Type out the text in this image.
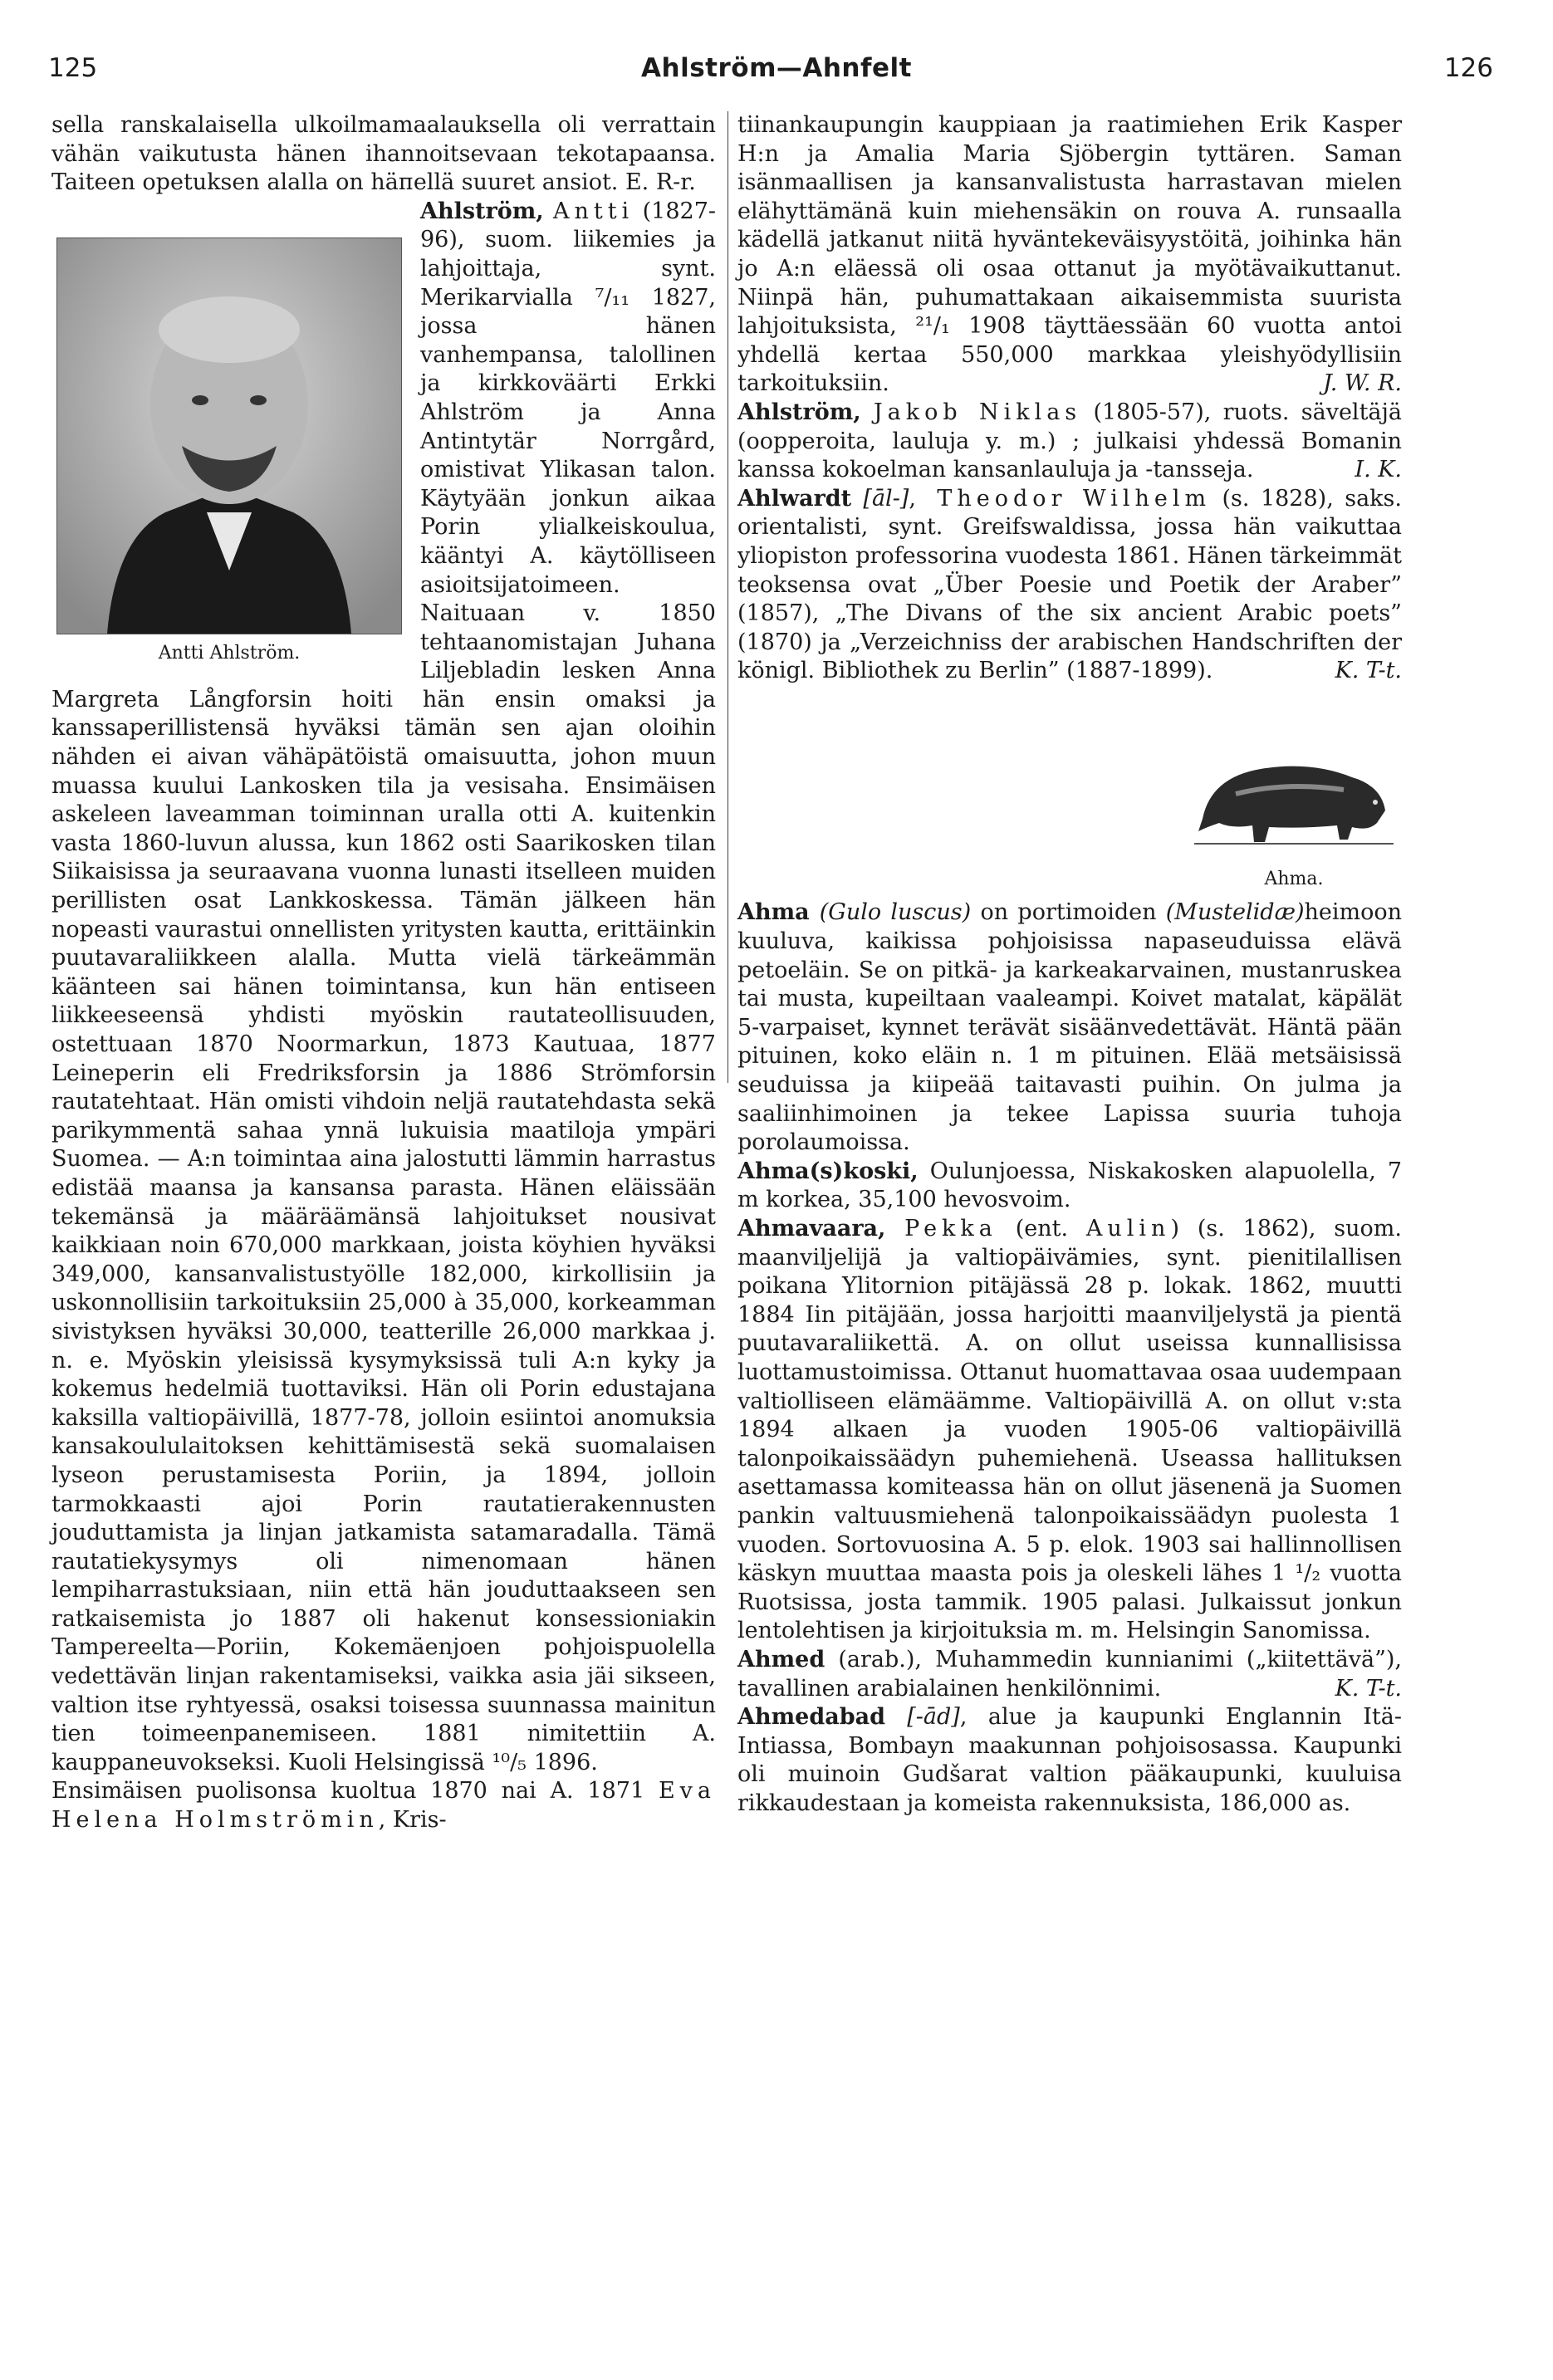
125	Ahlström—Ahnfelt	126

sella ranskalaisella ulkoilmamaalauksella oli verrattain vähän vaikutusta hänen ihannoitsevaan tekotapaansa. Taiteen opetuksen alalla on häпellä suuret ansiot. E. R-r.

Antti Ahlström.

Ahlström, Antti (1827-96), suom. liikemies ja lahjoittaja, synt. Merikarvialla ⁷/₁₁ 1827, jossa hänen vanhempansa, talollinen ja kirkkoväärti Erkki Ahlström ja Anna Antintytär Norrgård, omistivat Ylikasan talon. Käytyään jonkun aikaa Porin ylialkeiskoulua, kääntyi A. käytölliseen asioitsijatoimeen. Naituaan v. 1850 tehtaanomistajan Juhana Liljebladin lesken Anna Margreta Långforsin hoiti hän ensin omaksi ja kanssaperillistensä hyväksi tämän sen ajan oloihin nähden ei aivan vähäpätöistä omaisuutta, johon muun muassa kuului Lankosken tila ja vesisaha. Ensimäisen askeleen laveamman toiminnan uralla otti A. kuitenkin vasta 1860-luvun alussa, kun 1862 osti Saarikosken tilan Siikaisissa ja seuraavana vuonna lunasti itselleen muiden perillisten osat Lankkoskessa. Tämän jälkeen hän nopeasti vaurastui onnellisten yritysten kautta, erittäinkin puutavaraliikkeen alalla. Mutta vielä tärkeämmän käänteen sai hänen toimintansa, kun hän entiseen liikkeeseensä yhdisti myöskin rautateollisuuden, ostettuaan 1870 Noormarkun, 1873 Kautuaa, 1877 Leineperin eli Fredriksforsin ja 1886 Strömforsin rautatehtaat. Hän omisti vihdoin neljä rautatehdasta sekä parikymmentä sahaa ynnä lukuisia maatiloja ympäri Suomea. — A:n toimintaa aina jalostutti lämmin harrastus edistää maansa ja kansansa parasta. Hänen eläissään tekemänsä ja määräämänsä lahjoitukset nousivat kaikkiaan noin 670,000 markkaan, joista köyhien hyväksi 349,000, kansanvalistustyölle 182,000, kirkollisiin ja uskonnollisiin tarkoituksiin 25,000 à 35,000, korkeamman sivistyksen hyväksi 30,000, teatterille 26,000 markkaa j. n. e. Myöskin yleisissä kysymyksissä tuli A:n kyky ja kokemus hedelmiä tuottaviksi. Hän oli Porin edustajana kaksilla valtiopäivillä, 1877-78, jolloin esiintoi anomuksia kansakoululaitoksen kehittämisestä sekä suomalaisen lyseon perustamisesta Poriin, ja 1894, jolloin tarmokkaasti ajoi Porin rautatierakennusten jouduttamista ja linjan jatkamista satamaradalla. Tämä rautatiekysymys oli nimenomaan hänen lempiharrastuksiaan, niin että hän jouduttaakseen sen ratkaisemista jo 1887 oli hakenut konsessioniakin Tampereelta—Poriin, Kokemäenjoen pohjoispuolella vedettävän linjan rakentamiseksi, vaikka asia jäi sikseen, valtion itse ryhtyessä, osaksi toisessa suunnassa mainitun tien toimeenpanemiseen. 1881 nimitettiin A. kauppaneuvokseksi. Kuoli Helsingissä ¹⁰/₅ 1896.

Ensimäisen puolisonsa kuoltua 1870 nai A. 1871 Eva Helena Holmströmin, Kris-

tiinankaupungin kauppiaan ja raatimiehen Erik Kasper H:n ja Amalia Maria Sjöbergin tyttären. Saman isänmaallisen ja kansanvalistusta harrastavan mielen elähyttämänä kuin miehensäkin on rouva A. runsaalla kädellä jatkanut niitä hyväntekeväisyystöitä, joihinka hän jo A:n eläessä oli osaa ottanut ja myötävaikuttanut. Niinpä hän, puhumattakaan aikaisemmista suurista lahjoituksista, ²¹/₁ 1908 täyttäessään 60 vuotta antoi yhdellä kertaa 550,000 markkaa yleishyödyllisiin tarkoituksiin.	J. W. R.

Ahlström, Jakob Niklas (1805-57), ruots. säveltäjä (oopperoita, lauluja y. m.) ; julkaisi yhdessä Bomanin kanssa kokoelman kansanlauluja ja -tansseja.	I. K.

Ahlwardt [āl-], Theodor Wilhelm (s. 1828), saks. orientalisti, synt. Greifswaldissa, jossa hän vaikuttaa yliopiston professorina vuodesta 1861. Hänen tärkeimmät teoksensa ovat „Über Poesie und Poetik der Araber” (1857), „The Divans of the six ancient Arabic poets” (1870) ja „Verzeichniss der arabischen Handschriften der königl. Bibliothek zu Berlin” (1887-1899).	K. T-t.

Ahma.

Ahma (Gulo luscus) on portimoiden (Mustelidæ)heimoon kuuluva, kaikissa pohjoisissa napaseuduissa elävä petoeläin. Se on pitkä- ja karkeakarvainen, mustanruskea tai musta, kupeiltaan vaaleampi. Koivet matalat, käpälät 5-varpaiset, kynnet terävät sisäänvedettävät. Häntä pään pituinen, koko eläin n. 1 m pituinen. Elää metsäisissä seuduissa ja kiipeää taitavasti puihin. On julma ja saaliinhimoinen ja tekee Lapissa suuria tuhoja porolaumoissa.

Ahma(s)koski, Oulunjoessa, Niskakosken alapuolella, 7 m korkea, 35,100 hevosvoim.

Ahmavaara, Pekka (ent. Aulin) (s. 1862), suom. maanviljelijä ja valtiopäivämies, synt. pienitilallisen poikana Ylitornion pitäjässä 28 p. lokak. 1862, muutti 1884 Iin pitäjään, jossa harjoitti maanviljelystä ja pientä puutavaraliikettä. A. on ollut useissa kunnallisissa luottamustoimissa. Ottanut huomattavaa osaa uudempaan valtiolliseen elämäämme. Valtiopäivillä A. on ollut v:sta 1894 alkaen ja vuoden 1905-06 valtiopäivillä talonpoikaissäädyn puhemiehenä. Useassa hallituksen asettamassa komiteassa hän on ollut jäsenenä ja Suomen pankin valtuusmiehenä talonpoikaissäädyn puolesta 1 vuoden. Sortovuosina A. 5 p. elok. 1903 sai hallinnollisen käskyn muuttaa maasta pois ja oleskeli lähes 1 ¹/₂ vuotta Ruotsissa, josta tammik. 1905 palasi. Julkaissut jonkun lentolehtisen ja kirjoituksia m. m. Helsingin Sanomissa.

Ahmed (arab.), Muhammedin kunnianimi („kiitettävä”), tavallinen arabialainen henkilönnimi.	K. T-t.

Ahmedabad [-ād], alue ja kaupunki Englannin Itä-Intiassa, Bombayn maakunnan pohjoisosassa. Kaupunki oli muinoin Gudšarat valtion pääkaupunki, kuuluisa rikkaudestaan ja komeista rakennuksista, 186,000 as.
